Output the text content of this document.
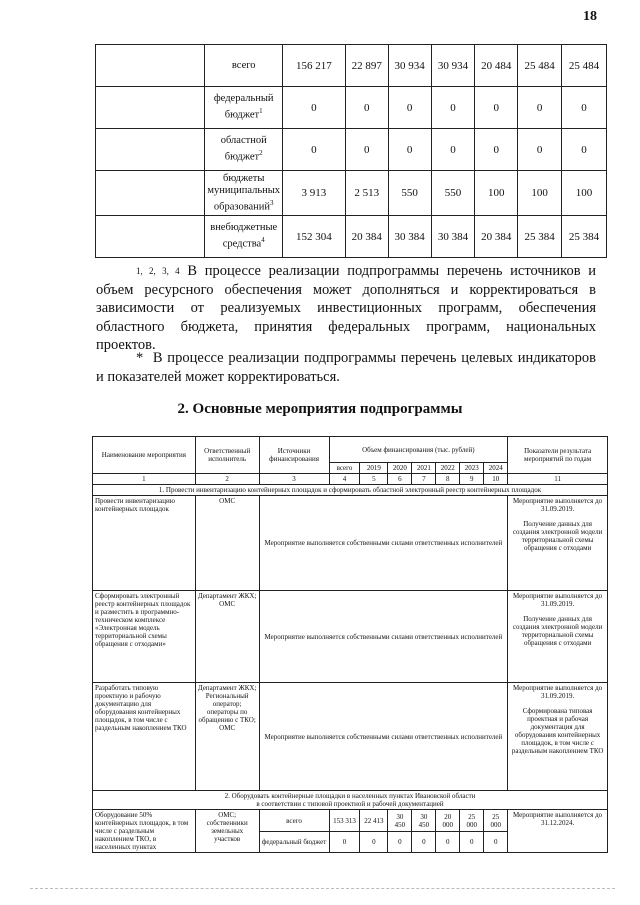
18
	всего	156 217	22 897	30 934	30 934	20 484	25 484	25 484
	федеральный бюджет$^1$	0	0	0	0	0	0	0
	областной бюджет$^2$	0	0	0	0	0	0	0
	бюджеты муниципальных образований$^3$	3 913	2 513	550	550	100	100	100
	внебюджетные средства$^4$	152 304	20 384	30 384	30 384	20 384	25 384	25 384
$^{1, 2, 3, 4}$ В процессе реализации подпрограммы перечень источников и объем ресурсного обеспечения может дополняться и корректироваться в зависимости от реализуемых инвестиционных программ, обеспечения областного бюджета, принятия федеральных программ, национальных проектов.
* В процессе реализации подпрограммы перечень целевых индикаторов и показателей может корректироваться.
2. Основные мероприятия подпрограммы
Наименование мероприятия	Ответственный исполнитель	Источники финансирования	Объем финансирования (тыс. рублей)							Показатели результата мероприятий по годам
			всего	2019	2020	2021	2022	2023	2024	
1	2	3	4	5	6	7	8	9	10	11
1. Провести инвентаризацию контейнерных площадок и сформировать областной электронный реестр контейнерных площадок										
Провести инвентаризацию контейнерных площадок	ОМС	Мероприятие выполняется собственными силами ответственных исполнителей								Мероприятие выполняется до 31.09.2019.
Получение данных для создания электронной модели территориальной схемы обращения с отходами

Сформировать электронный реестр контейнерных площадок и разместить в программно-техническом комплексе «Электронная модель территориальной схемы обращения с отходами»	Департамент ЖКХ; ОМС	Мероприятие выполняется собственными силами ответственных исполнителей								Мероприятие выполняется до 31.09.2019.
Получение данных для создания электронной модели территориальной схемы обращения с отходами

Разработать типовую проектную и рабочую документацию для оборудования контейнерных площадок, в том числе с раздельным накоплением ТКО	Департамент ЖКХ; Региональный оператор; операторы по обращению с ТКО; ОМС	Мероприятие выполняется собственными силами ответственных исполнителей								Мероприятие выполняется до 31.09.2019.
Сформирована типовая проектная и рабочая документация для оборудования контейнерных площадок, в том числе с раздельным накоплением ТКО

2. Оборудовать контейнерные площадки в населенных пунктах Ивановской области
в соответствии с типовой проектной и рабочей документацией										

Оборудование 50% контейнерных площадок, в том числе с раздельным накоплением ТКО, в населенных пунктах	ОМС; собственники земельных участков	всего	153 313	22 413	30 450	30 450	20 000	25 000	25 000	Мероприятие выполняется до 31.12.2024.
		федеральный бюджет	0	0	0	0	0	0	0	
